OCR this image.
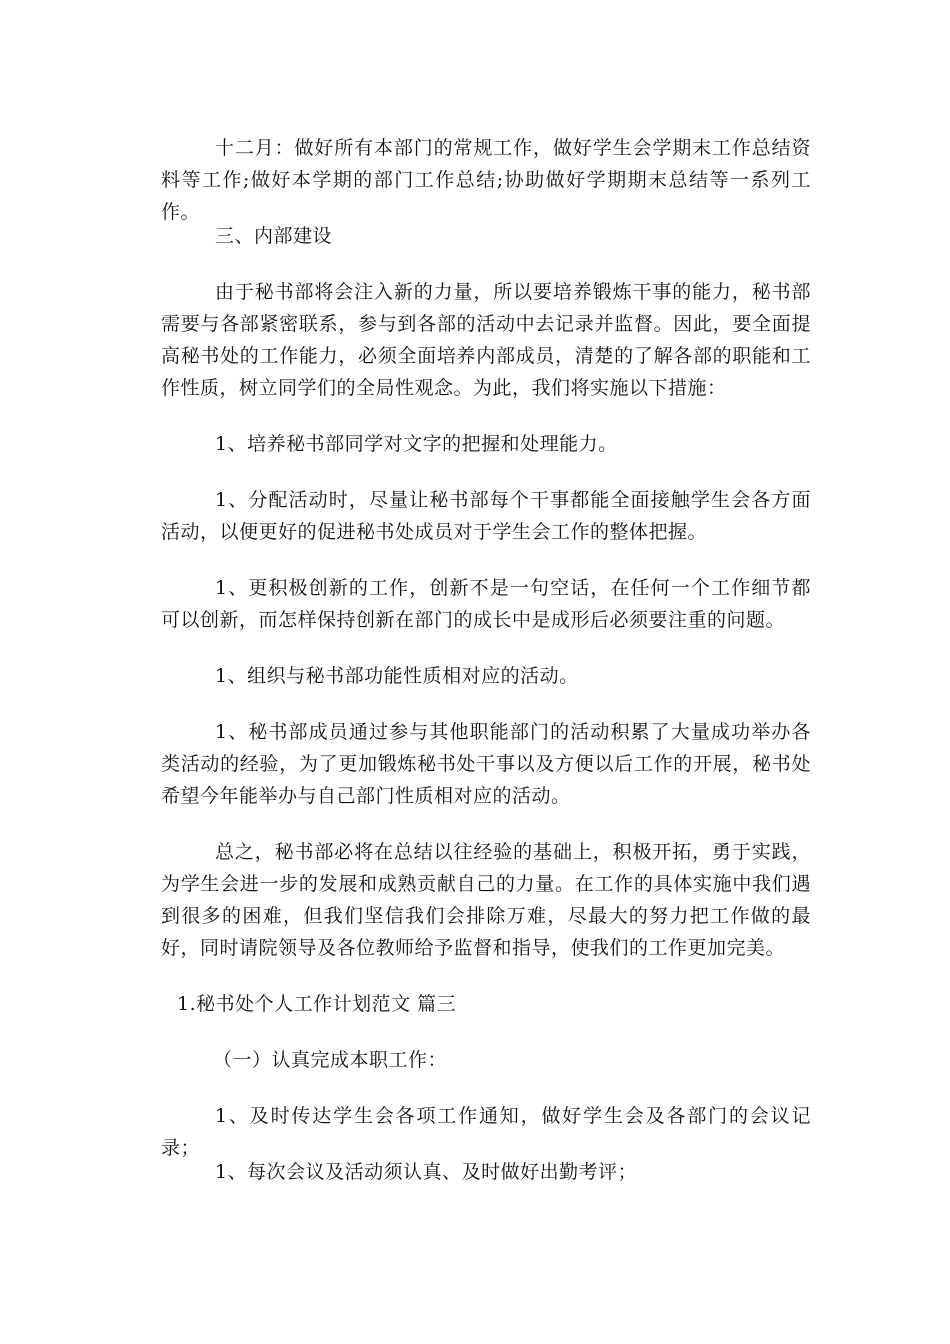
十二月：做好所有本部门的常规工作，做好学生会学期末工作总结资料等工作;做好本学期的部门工作总结;协助做好学期期末总结等一系列工作。

三、内部建设

由于秘书部将会注入新的力量，所以要培养锻炼干事的能力，秘书部需要与各部紧密联系，参与到各部的活动中去记录并监督。因此，要全面提高秘书处的工作能力，必须全面培养内部成员，清楚的了解各部的职能和工作性质，树立同学们的全局性观念。为此，我们将实施以下措施：

1、培养秘书部同学对文字的把握和处理能力。

1、分配活动时，尽量让秘书部每个干事都能全面接触学生会各方面活动，以便更好的促进秘书处成员对于学生会工作的整体把握。

1、更积极创新的工作，创新不是一句空话，在任何一个工作细节都可以创新，而怎样保持创新在部门的成长中是成形后必须要注重的问题。

1、组织与秘书部功能性质相对应的活动。

1、秘书部成员通过参与其他职能部门的活动积累了大量成功举办各类活动的经验，为了更加锻炼秘书处干事以及方便以后工作的开展，秘书处希望今年能举办与自己部门性质相对应的活动。

总之，秘书部必将在总结以往经验的基础上，积极开拓，勇于实践，为学生会进一步的发展和成熟贡献自己的力量。在工作的具体实施中我们遇到很多的困难，但我们坚信我们会排除万难，尽最大的努力把工作做的最好，同时请院领导及各位教师给予监督和指导，使我们的工作更加完美。

1.秘书处个人工作计划范文 篇三

（一）认真完成本职工作：

1、及时传达学生会各项工作通知，做好学生会及各部门的会议记录；

1、每次会议及活动须认真、及时做好出勤考评；
